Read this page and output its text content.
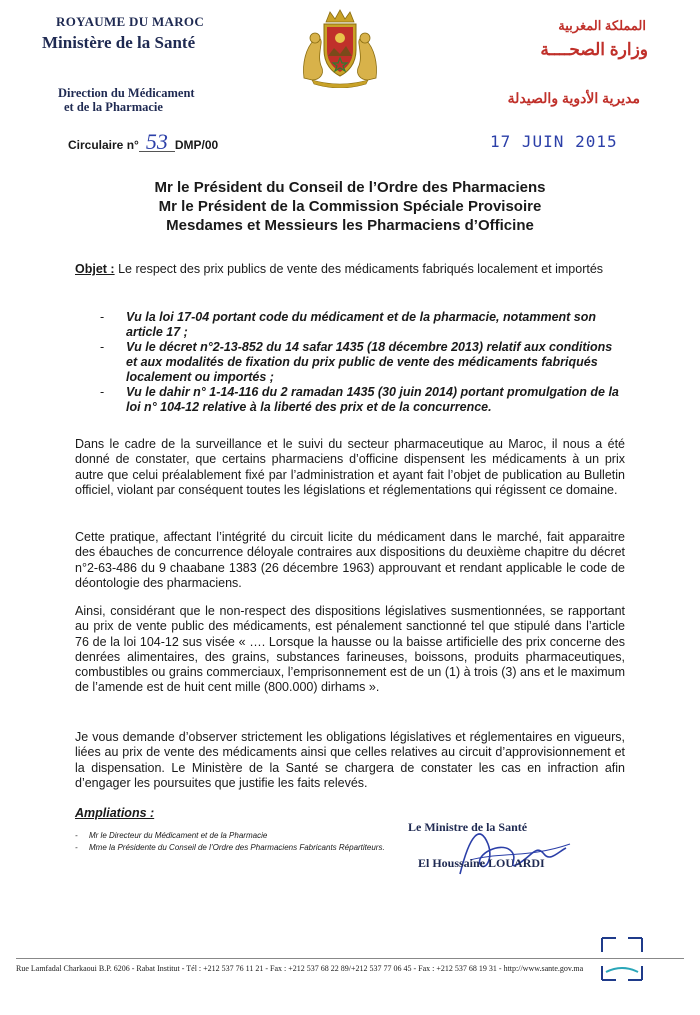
ROYAUME DU MAROC
Ministère de la Santé
Direction du Médicament
et de la Pharmacie
Circulaire n° 53 DMP/00
المملكة المغربية
وزارة الصحــــة
مديرية الأدوية والصيدلة
17 JUIN 2015
Mr le Président du Conseil de l’Ordre des Pharmaciens
Mr le Président de la Commission Spéciale Provisoire
Mesdames et Messieurs les Pharmaciens d’Officine
Objet : Le respect des prix publics de vente des médicaments fabriqués localement et importés
- Vu la loi 17-04 portant code du médicament et de la pharmacie, notamment son article 17 ;
- Vu le décret n°2-13-852 du 14 safar 1435 (18 décembre 2013) relatif aux conditions et aux modalités de fixation du prix public de vente des médicaments fabriqués localement ou importés ;
- Vu le dahir n° 1-14-116 du 2 ramadan 1435 (30 juin 2014) portant promulgation de la loi n° 104-12 relative à la liberté des prix et de la concurrence.
Dans le cadre de la surveillance et le suivi du secteur pharmaceutique au Maroc, il nous a été donné de constater, que certains pharmaciens d’officine dispensent les médicaments à un prix autre que celui préalablement fixé par l’administration et ayant fait l’objet de publication au Bulletin officiel, violant par conséquent toutes les législations et réglementations qui régissent ce domaine.
Cette pratique, affectant l’intégrité du circuit licite du médicament dans le marché, fait apparaitre des ébauches de concurrence déloyale contraires aux dispositions du deuxième chapitre du décret n°2-63-486 du 9 chaabane 1383 (26 décembre 1963) approuvant et rendant applicable le code de déontologie des pharmaciens.
Ainsi, considérant que le non-respect des dispositions législatives susmentionnées, se rapportant au prix de vente public des médicaments, est pénalement sanctionné tel que stipulé dans l’article 76 de la loi 104-12 sus visée « …. Lorsque la hausse ou la baisse artificielle des prix concerne des denrées alimentaires, des grains, substances farineuses, boissons, produits pharmaceutiques, combustibles ou grains commerciaux, l’emprisonnement est de un (1) à trois (3) ans et le maximum de l’amende est de huit cent mille (800.000) dirhams ».
Je vous demande d’observer strictement les obligations législatives et réglementaires en vigueurs, liées au prix de vente des médicaments ainsi que celles relatives au circuit d’approvisionnement et la dispensation. Le Ministère de la Santé se chargera de constater les cas en infraction afin d’engager les poursuites que justifie les faits relevés.
Ampliations :
- Mr le Directeur du Médicament et de la Pharmacie
- Mme la Présidente du Conseil de l’Ordre des Pharmaciens Fabricants Répartiteurs.
Le Ministre de la Santé
El Houssaine LOUARDI
Rue Lamfadal Charkaoui B.P. 6206 - Rabat Institut - Tél : +212 537 76 11 21 - Fax : +212 537 68 22 89/+212 537 77 06 45 - Fax : +212 537 68 19 31 - http://www.sante.gov.ma
